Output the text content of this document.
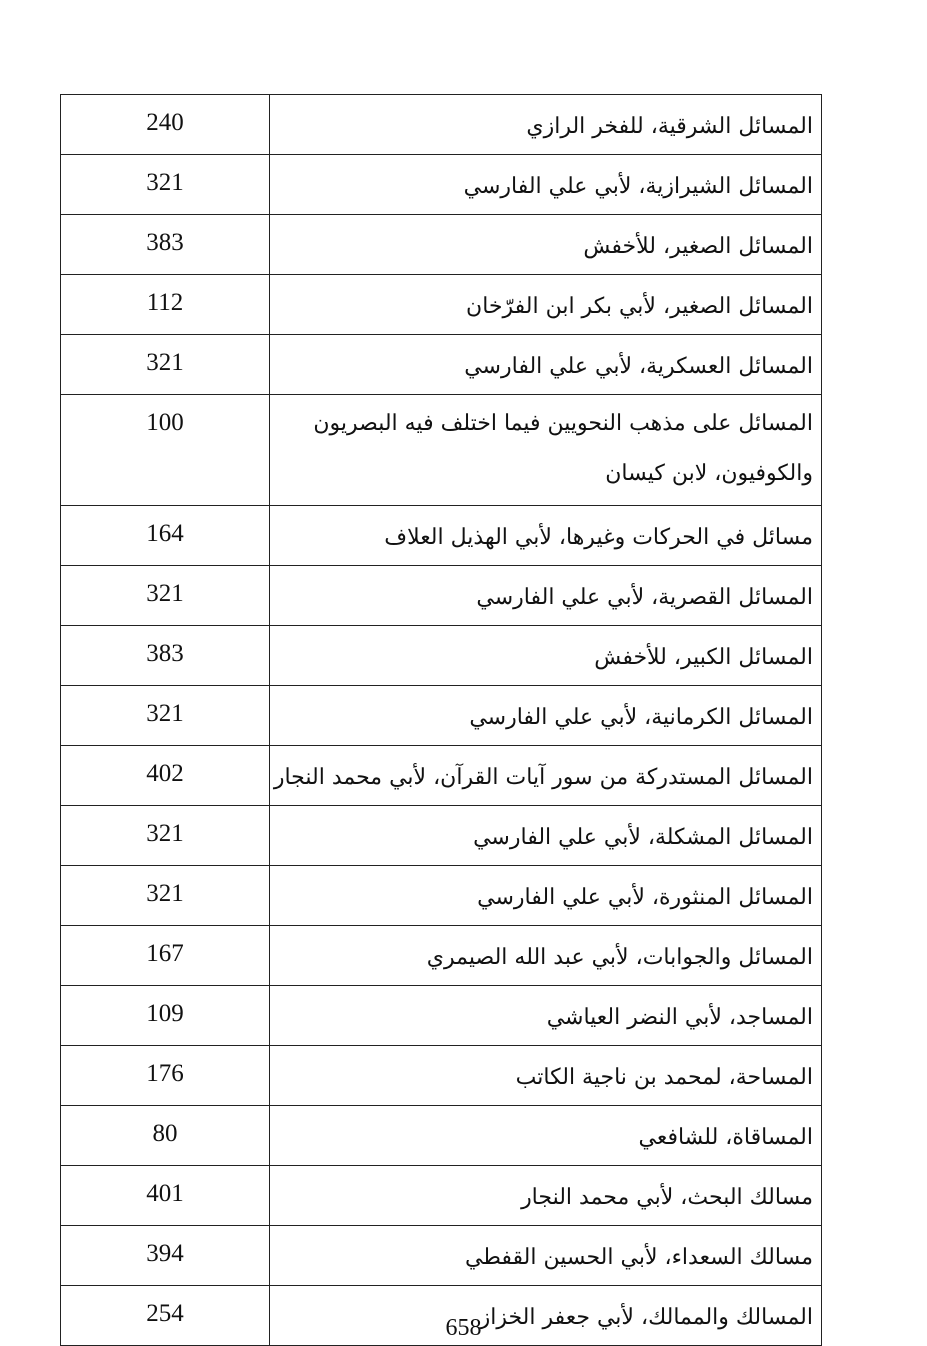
240	المسائل الشرقية، للفخر الرازي

321	المسائل الشيرازية، لأبي علي الفارسي

383	المسائل الصغير، للأخفش

112	المسائل الصغير، لأبي بكر ابن الفرّخان

321	المسائل العسكرية، لأبي علي الفارسي

100	المسائل على مذهب النحويين فيما اختلف فيه البصريون والكوفيون، لابن كيسان

164	مسائل في الحركات وغيرها، لأبي الهذيل العلاف

321	المسائل القصرية، لأبي علي الفارسي

383	المسائل الكبير، للأخفش

321	المسائل الكرمانية، لأبي علي الفارسي

402	المسائل المستدركة من سور آيات القرآن، لأبي محمد النجار

321	المسائل المشكلة، لأبي علي الفارسي

321	المسائل المنثورة، لأبي علي الفارسي

167	المسائل والجوابات، لأبي عبد الله الصيمري

109	المساجد، لأبي النضر العياشي

176	المساحة، لمحمد بن ناجية الكاتب

80	المساقاة، للشافعي

401	مسالك البحث، لأبي محمد النجار

394	مسالك السعداء، لأبي الحسين القفطي

254	المسالك والممالك، لأبي جعفر الخزاز
658
